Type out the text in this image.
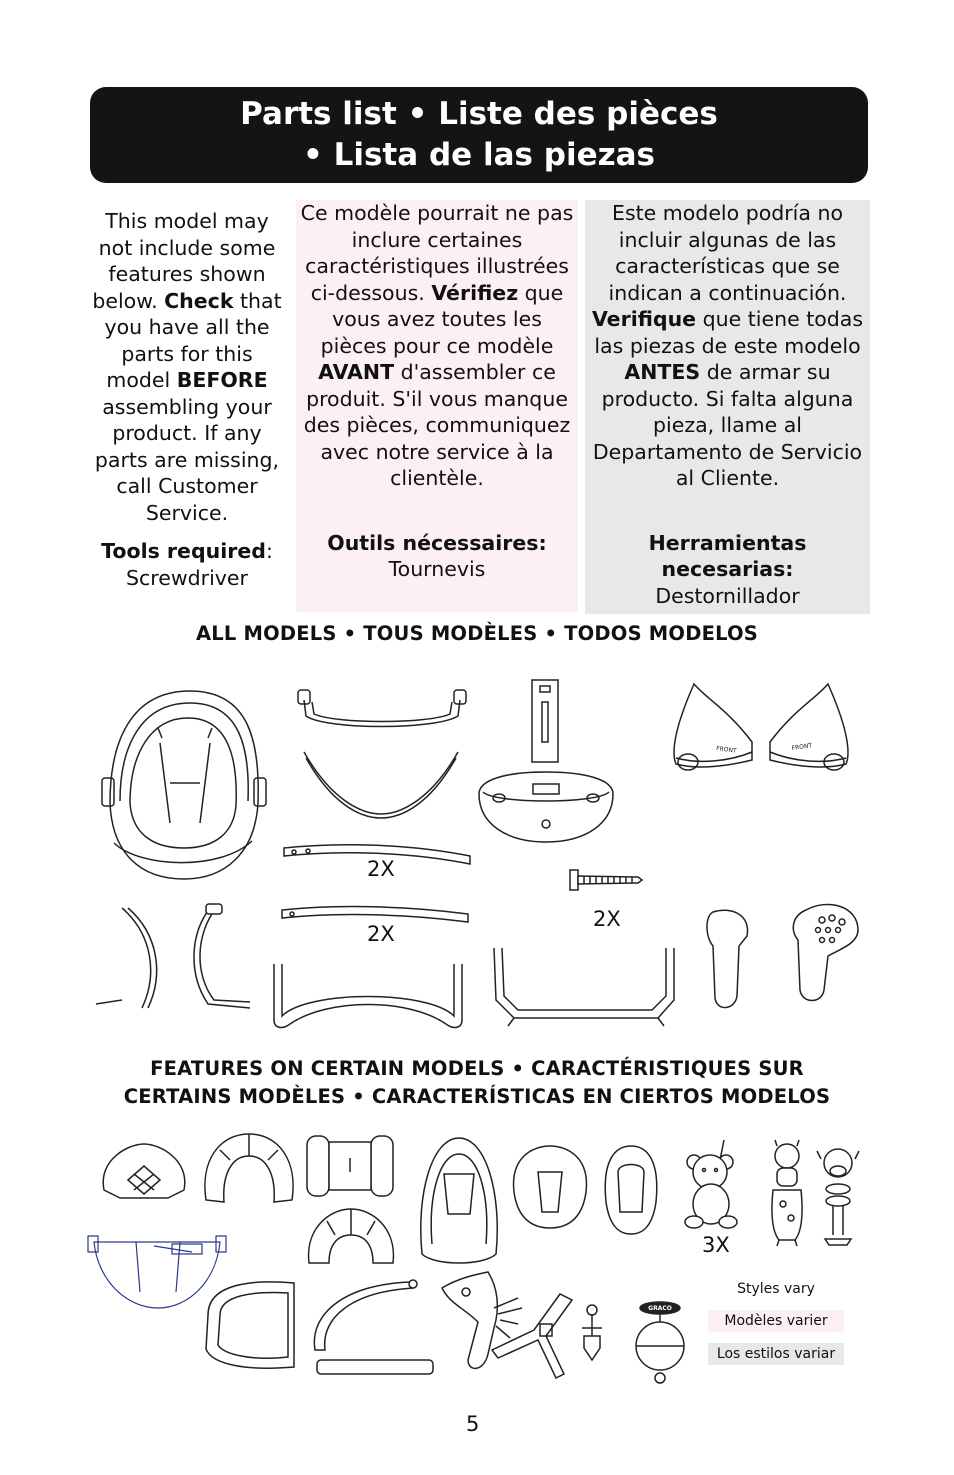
Parts list • Liste des pièces
• Lista de las piezas
This model may not include some features shown below. Check that you have all the parts for this model BEFORE assembling your product. If any parts are missing, call Customer Service.
Tools required:
Screwdriver
Ce modèle pourrait ne pas inclure certaines caractéristiques illustrées ci-dessous. Vérifiez que vous avez toutes les pièces pour ce modèle AVANT d'assembler ce produit. S'il vous manque des pièces, communiquez avec notre service à la clientèle.
Outils nécessaires:
Tournevis
Este modelo podría no incluir algunas de las características que se indican a continuación. Verifique que tiene todas las piezas de este modelo ANTES de armar su producto. Si falta alguna pieza, llame al Departamento de Servicio al Cliente.
Herramientas necesarias:
Destornillador
ALL MODELS • TOUS MODÈLES • TODOS MODELOS
2X
2X
FRONT	FRONT
2X
FEATURES ON CERTAIN MODELS • CARACTÉRISTIQUES SUR
CERTAINS MODÈLES • CARACTERÍSTICAS EN CIERTOS MODELOS
3X
GRACO
Styles vary
Modèles varier
Los estilos variar
5
